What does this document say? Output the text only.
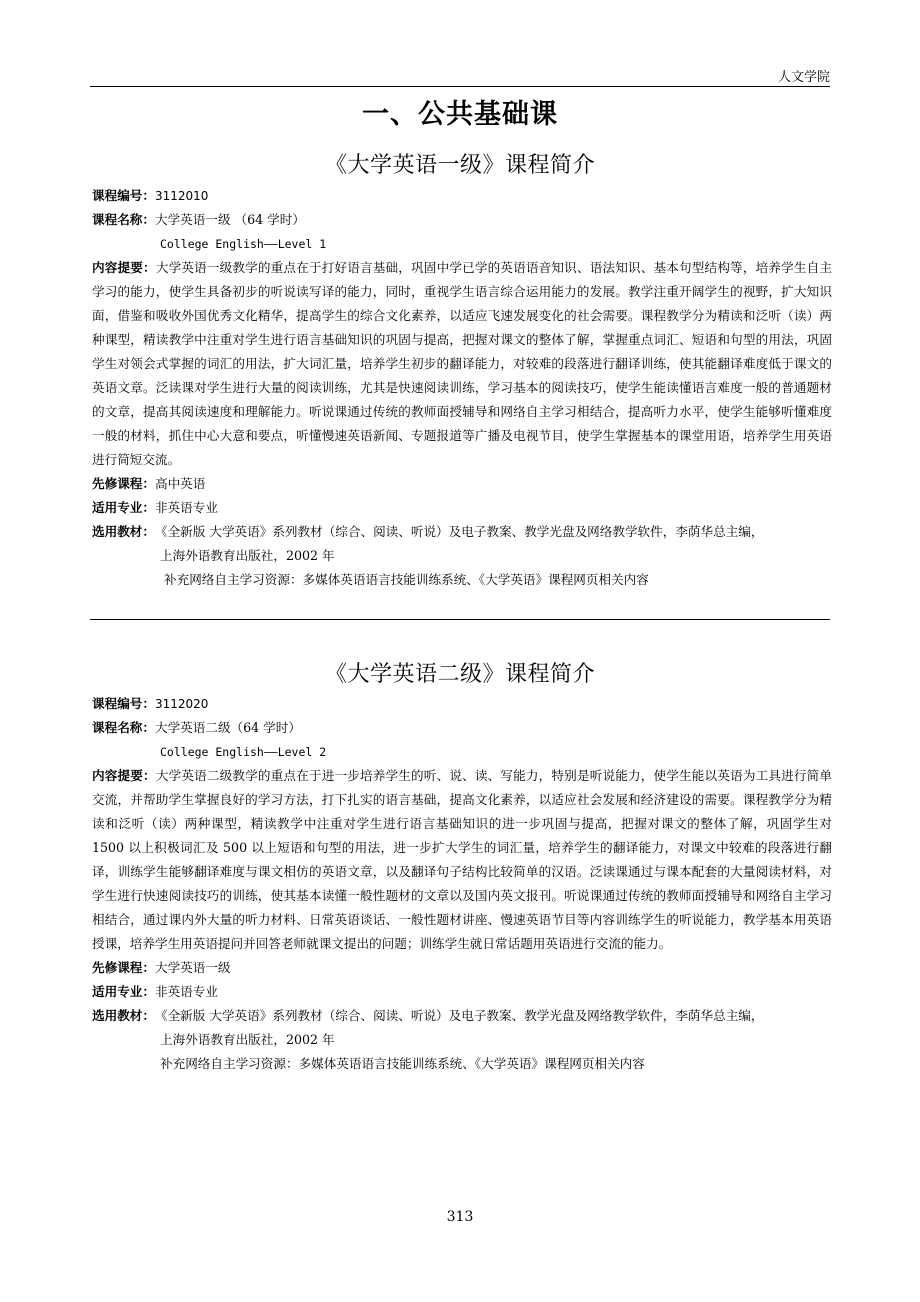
人文学院
一、公共基础课
《大学英语一级》课程简介
课程编号： 3112010
课程名称： 大学英语一级 （64 学时）
College English——Level 1
内容提要：大学英语一级教学的重点在于打好语言基础，巩固中学已学的英语语音知识、语法知识、基本句型结构等，培养学生自主学习的能力，使学生具备初步的听说读写译的能力，同时，重视学生语言综合运用能力的发展。教学注重开阔学生的视野，扩大知识面，借鉴和吸收外国优秀文化精华，提高学生的综合文化素养，以适应飞速发展变化的社会需要。课程教学分为精读和泛听（读）两种课型，精读教学中注重对学生进行语言基础知识的巩固与提高，把握对课文的整体了解，掌握重点词汇、短语和句型的用法，巩固学生对领会式掌握的词汇的用法，扩大词汇量，培养学生初步的翻译能力，对较难的段落进行翻译训练，使其能翻译难度低于课文的英语文章。泛读课对学生进行大量的阅读训练，尤其是快速阅读训练，学习基本的阅读技巧，使学生能读懂语言难度一般的普通题材的文章，提高其阅读速度和理解能力。听说课通过传统的教师面授辅导和网络自主学习相结合，提高听力水平，使学生能够听懂难度一般的材料，抓住中心大意和要点，听懂慢速英语新闻、专题报道等广播及电视节目，使学生掌握基本的课堂用语，培养学生用英语进行简短交流。
先修课程： 高中英语
适用专业： 非英语专业
选用教材： 《全新版 大学英语》系列教材（综合、阅读、听说）及电子教案、教学光盘及网络教学软件，李荫华总主编，
上海外语教育出版社，2002 年
补充网络自主学习资源：多媒体英语语言技能训练系统、《大学英语》课程网页相关内容
《大学英语二级》课程简介
课程编号： 3112020
课程名称： 大学英语二级（64 学时）
College English——Level 2
内容提要：大学英语二级教学的重点在于进一步培养学生的听、说、读、写能力，特别是听说能力，使学生能以英语为工具进行简单交流，并帮助学生掌握良好的学习方法，打下扎实的语言基础，提高文化素养，以适应社会发展和经济建设的需要。课程教学分为精读和泛听（读）两种课型，精读教学中注重对学生进行语言基础知识的进一步巩固与提高，把握对课文的整体了解，巩固学生对 1500 以上积极词汇及 500 以上短语和句型的用法，进一步扩大学生的词汇量，培养学生的翻译能力，对课文中较难的段落进行翻译，训练学生能够翻译难度与课文相仿的英语文章，以及翻译句子结构比较简单的汉语。泛读课通过与课本配套的大量阅读材料，对学生进行快速阅读技巧的训练，使其基本读懂一般性题材的文章以及国内英文报刊。听说课通过传统的教师面授辅导和网络自主学习相结合，通过课内外大量的听力材料、日常英语谈话、一般性题材讲座、慢速英语节目等内容训练学生的听说能力，教学基本用英语授课，培养学生用英语提问并回答老师就课文提出的问题；训练学生就日常话题用英语进行交流的能力。
先修课程： 大学英语一级
适用专业： 非英语专业
选用教材： 《全新版 大学英语》系列教材（综合、阅读、听说）及电子教案、教学光盘及网络教学软件，李荫华总主编，
上海外语教育出版社，2002 年
补充网络自主学习资源：多媒体英语语言技能训练系统、《大学英语》课程网页相关内容
313
